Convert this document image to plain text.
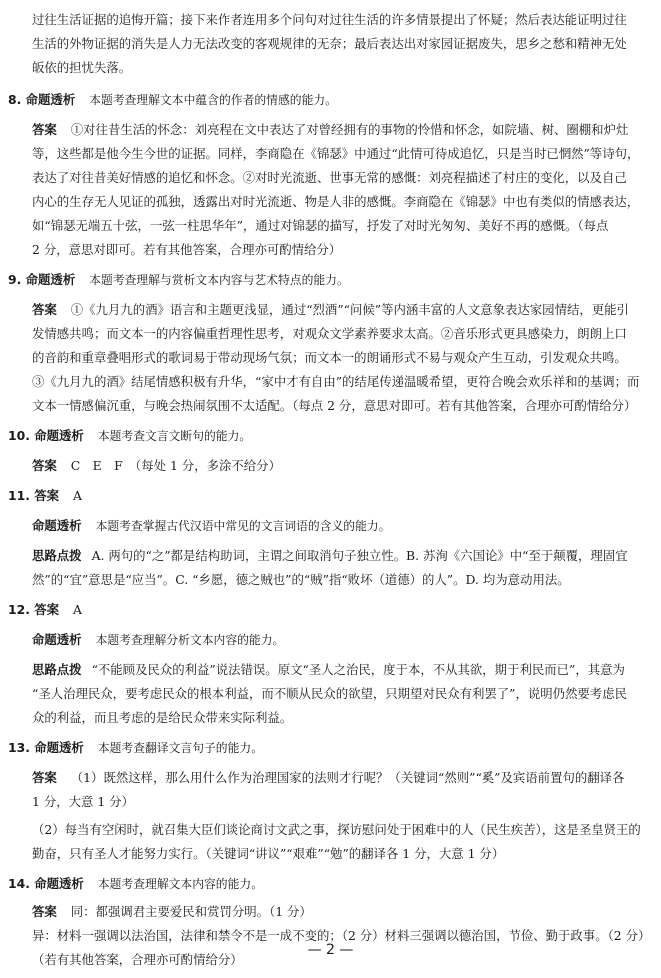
过往生活证据的追悔开篇；接下来作者连用多个问句对过往生活的许多情景提出了怀疑；然后表达能证明过往
生活的外物证据的消失是人力无法改变的客观规律的无奈；最后表达出对家园证据废失，思乡之愁和精神无处
皈依的担忧失落。
8. 命题透析 本题考查理解文本中蕴含的作者的情感的能力。
答案 ①对往昔生活的怀念：刘亮程在文中表达了对曾经拥有的事物的怜惜和怀念，如院墙、树、圈棚和炉灶
等，这些都是他今生今世的证据。同样，李商隐在《锦瑟》中通过“此情可待成追忆，只是当时已惘然”等诗句，
表达了对往昔美好情感的追忆和怀念。②对时光流逝、世事无常的感慨：刘亮程描述了村庄的变化，以及自己
内心的生存无人见证的孤独，透露出对时光流逝、物是人非的感慨。李商隐在《锦瑟》中也有类似的情感表达，
如“锦瑟无端五十弦，一弦一柱思华年”，通过对锦瑟的描写，抒发了对时光匆匆、美好不再的感慨。（每点
2 分，意思对即可。若有其他答案，合理亦可酌情给分）
9. 命题透析 本题考查理解与赏析文本内容与艺术特点的能力。
答案 ①《九月九的酒》语言和主题更浅显，通过“烈酒”“问候”等内涵丰富的人文意象表达家园情结，更能引
发情感共鸣；而文本一的内容偏重哲理性思考，对观众文学素养要求太高。②音乐形式更具感染力，朗朗上口
的音韵和重章叠唱形式的歌词易于带动现场气氛；而文本一的朗诵形式不易与观众产生互动，引发观众共鸣。
③《九月九的酒》结尾情感积极有升华，“家中才有自由”的结尾传递温暖希望，更符合晚会欢乐祥和的基调；而
文本一情感偏沉重，与晚会热闹氛围不太适配。（每点 2 分，意思对即可。若有其他答案，合理亦可酌情给分）
10. 命题透析 本题考查文言文断句的能力。
答案 C　E　F　（每处 1 分，多涂不给分）
11. 答案 A
命题透析 本题考查掌握古代汉语中常见的文言词语的含义的能力。
思路点拨 A. 两句的“之”都是结构助词，主谓之间取消句子独立性。B. 苏洵《六国论》中“至于颠覆，理固宜
然”的“宜”意思是“应当”。C. “乡愿，德之贼也”的“贼”指“败坏（道德）的人”。D. 均为意动用法。
12. 答案 A
命题透析 本题考查理解分析文本内容的能力。
思路点拨 “不能顾及民众的利益”说法错误。原文“圣人之治民，度于本，不从其欲，期于利民而已”，其意为
“圣人治理民众，要考虑民众的根本利益，而不顺从民众的欲望，只期望对民众有利罢了”，说明仍然要考虑民
众的利益，而且考虑的是给民众带来实际利益。
13. 命题透析 本题考查翻译文言句子的能力。
答案 （1）既然这样，那么用什么作为治理国家的法则才行呢？（关键词“然则”“奚”及宾语前置句的翻译各
1 分，大意 1 分）
（2）每当有空闲时，就召集大臣们谈论商讨文武之事，探访慰问处于困难中的人（民生疾苦），这是圣皇贤王的
勤奋，只有圣人才能努力实行。（关键词“讲议”“艰难”“勉”的翻译各 1 分，大意 1 分）
14. 命题透析 本题考查理解文本内容的能力。
答案 同：都强调君主要爱民和赏罚分明。（1 分）
异：材料一强调以法治国，法律和禁令不是一成不变的；（2 分）材料三强调以德治国，节俭、勤于政事。（2 分）
（若有其他答案，合理亦可酌情给分）
— 2 —
